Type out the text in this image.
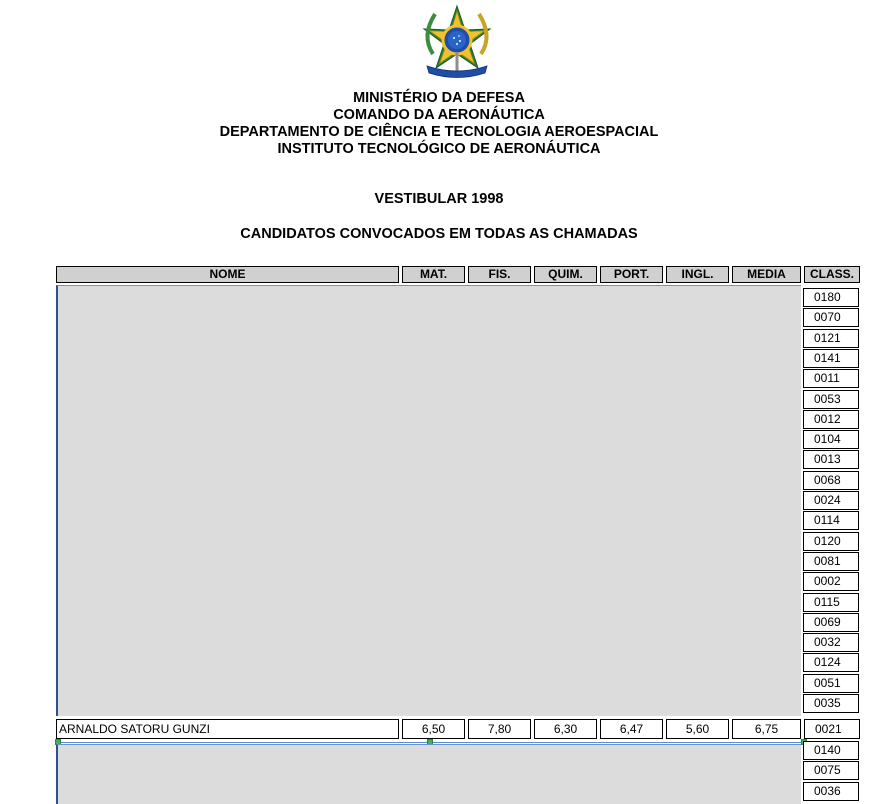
MINISTÉRIO DA DEFESA
COMANDO DA AERONÁUTICA
DEPARTAMENTO DE CIÊNCIA E TECNOLOGIA AEROESPACIAL
INSTITUTO TECNOLÓGICO DE AERONÁUTICA
VESTIBULAR 1998
CANDIDATOS CONVOCADOS EM TODAS AS CHAMADAS
NOME	MAT.	FIS.	QUIM.	PORT.	INGL.	MEDIA	CLASS.
0180
0070
0121
0141
0011
0053
0012
0104
0013
0068
0024
0114
0120
0081
0002
0115
0069
0032
0124
0051
0035
ARNALDO SATORU GUNZI	6,50	7,80	6,30	6,47	5,60	6,75	0021
0140
0075
0036
